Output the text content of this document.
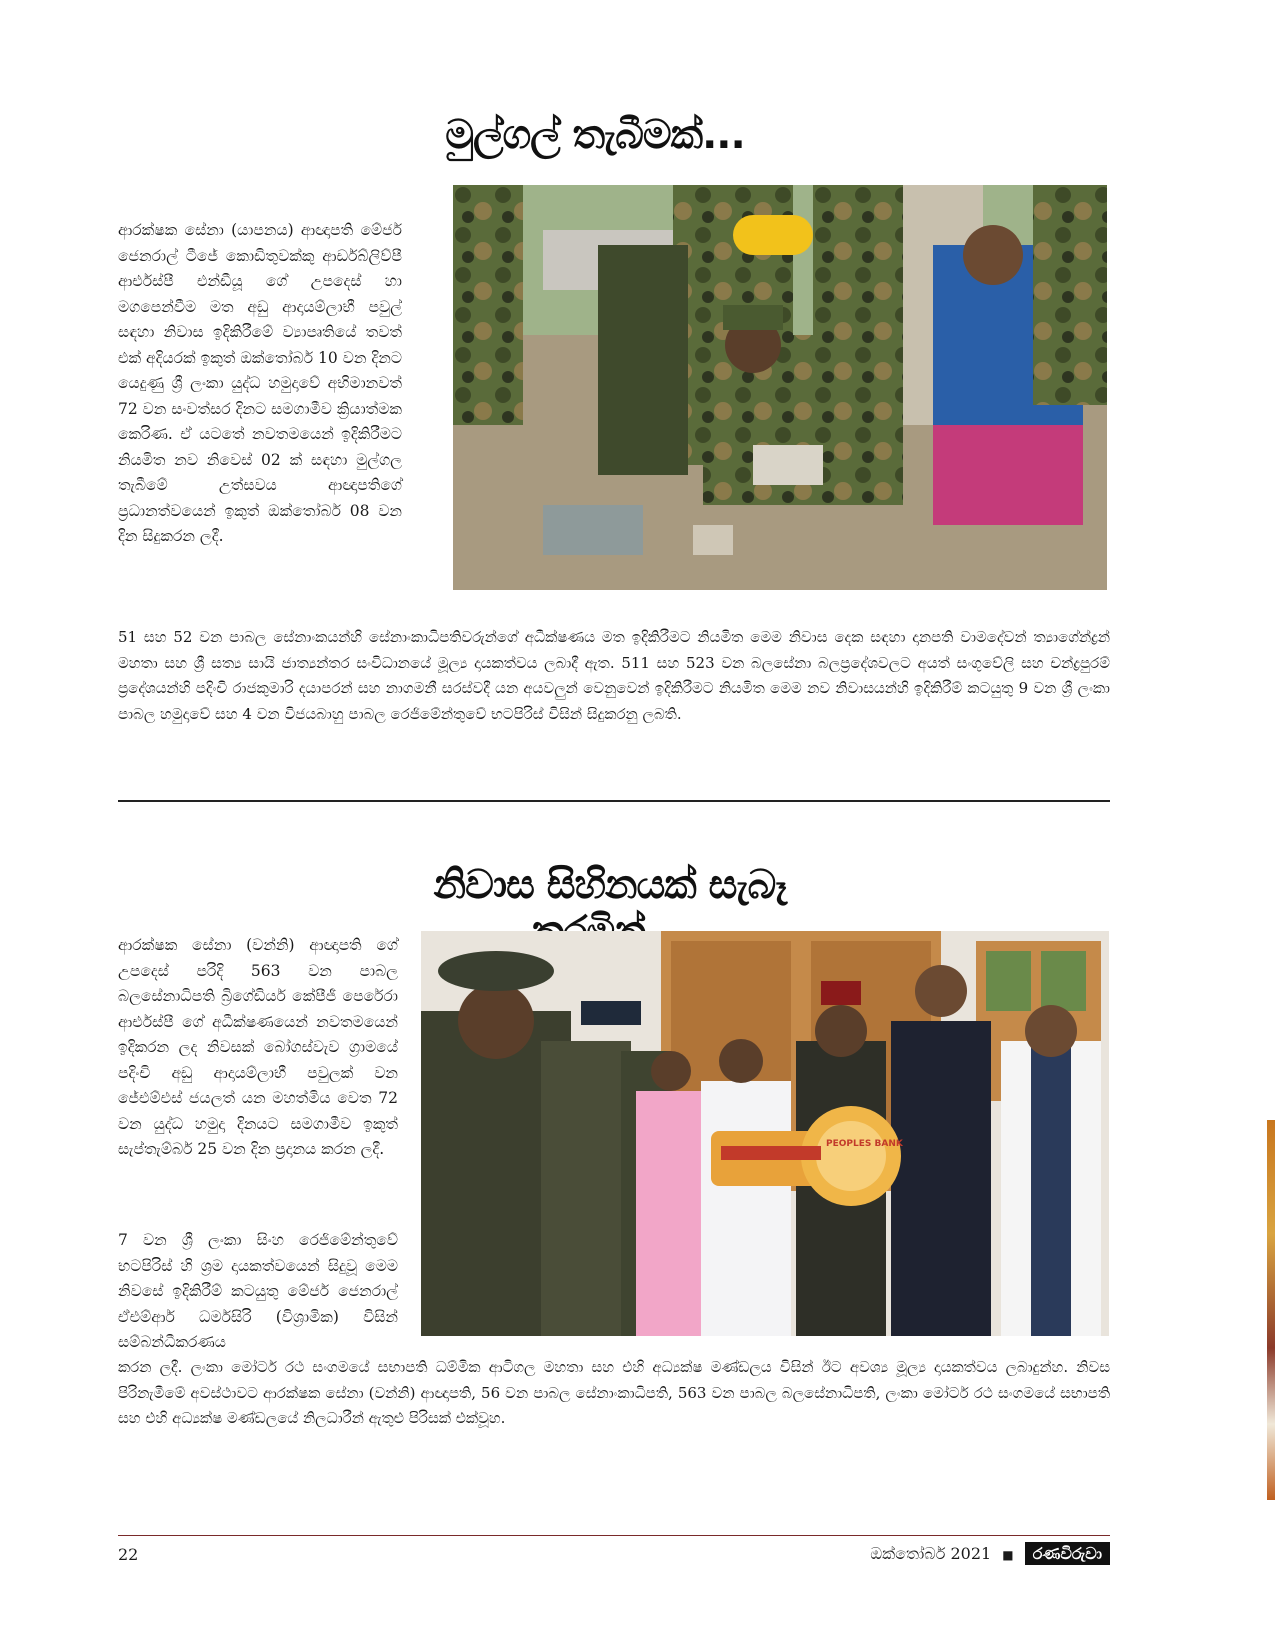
මුල්ගල් තැබීමක්...
ආරක්ෂක සේනා (යාපනය) ආඥාපති මේජර් ජෙනරාල් ටීජේ කොඩිතුවක්කු ආර්ඩබ්ලිව්පී ආර්එස්පී එන්ඩීයූ ගේ උපදෙස් හා මගපෙන්වීම මත අඩු ආදායම්ලාභී පවුල් සඳහා නිවාස ඉදිකිරීමේ ව්‍යාපෘතියේ තවත් එක් අදියරක් ඉකුත් ඔක්තෝබර් 10 වන දිනට යෙදුණු ශ්‍රී ලංකා යුද්ධ හමුදාවේ අභිමානවත් 72 වන සංවත්සර දිනට සමගාමීව ක්‍රියාත්මක කෙරිණ. ඒ යටතේ නවතමයෙන් ඉදිකිරීමට නියමිත නව නිවෙස් 02 ක් සඳහා මුල්ගල තැබීමේ උත්සවය ආඥාපතිගේ ප්‍රධානත්වයෙන් ඉකුත් ඔක්තෝබර් 08 වන දින සිදුකරන ලදී.
51 සහ 52 වන පාබල සේනාංකයන්හි සේනාංකාධිපතිවරුන්ගේ අධීක්ෂණය මත ඉදිකිරීමට නියමිත මෙම නිවාස දෙක සඳහා දානපති වාමදේවන් ත්‍යාගේන්ද්‍රන් මහතා සහ ශ්‍රී සත්‍ය සායි ජාත්‍යන්තර සංවිධානයේ මූල්‍ය දායකත්වය ලබාදී ඇත. 511 සහ 523 වන බලසේනා බලප්‍රදේශවලට අයත් සංගුවේලි සහ චන්ද්‍රපුරම් ප්‍රදේශයන්හි පදිංචි රාජකුමාරි දයාපරන් සහ නාගමනී සරස්වදී යන අයවලුන් වෙනුවෙන් ඉදිකිරීමට නියමිත මෙම නව නිවාසයන්හි ඉදිකිරීම් කටයුතු 9 වන ශ්‍රී ලංකා පාබල හමුදාවේ සහ 4 වන විජයබාහු පාබල රෙජිමේන්තුවේ භටපිරිස් විසින් සිදුකරනු ලබති.
නිවාස සිහිනයක් සැබෑ
ආරක්ෂක සේනා (වන්නි) ආඥාපති ගේ උපදෙස් පරිදි 563 වන පාබල බලසේනාධිපති බ්‍රිගේඩියර් කේපීජී පෙරේරා ආර්එස්පී ගේ අධීක්ෂණයෙන් නවතමයෙන් ඉදිකරන ලද නිවසක් බෝගස්වැව ග්‍රාමයේ පදිංචි අඩු ආදායම්ලාභී පවුලක් වන ජේඑම්එස් ජයලත් යන මහත්මිය වෙත 72 වන යුද්ධ හමුදා දිනයට සමගාමීව ඉකුත් සැප්තැම්බර් 25 වන දින ප්‍රදානය කරන ලදී.
7 වන ශ්‍රී ලංකා සිංහ රෙජිමේන්තුවේ භටපිරිස් හි ශ්‍රම දායකත්වයෙන් සිදුවූ මෙම නිවසේ ඉදිකිරීම් කටයුතු මේජර් ජෙනරාල් ඒඑම්ආර් ධර්මසිරි (විශ්‍රාමික) විසින් සම්බන්ධීකරණය
PEOPLES BANK
කරන ලදී. ලංකා මෝටර් රථ සංගමයේ සභාපති ධම්මික ආටිගල මහතා සහ එහි අධ්‍යක්ෂ මණ්ඩලය විසින් ඊට අවශ්‍ය මූල්‍ය දායකත්වය ලබාදුන්හ. නිවස පිරිනැමීමේ අවස්ථාවට ආරක්ෂක සේනා (වන්නි) ආඥාපති, 56 වන පාබල සේනාංකාධිපති, 563 වන පාබල බලසේනාධිපති, ලංකා මෝටර් රථ සංගමයේ සභාපති සහ එහි අධ්‍යක්ෂ මණ්ඩලයේ නිලධාරීන් ඇතුළු පිරිසක් එක්වූහ.
22	ඔක්තෝබර් 2021 ■ රණවිරුවා
